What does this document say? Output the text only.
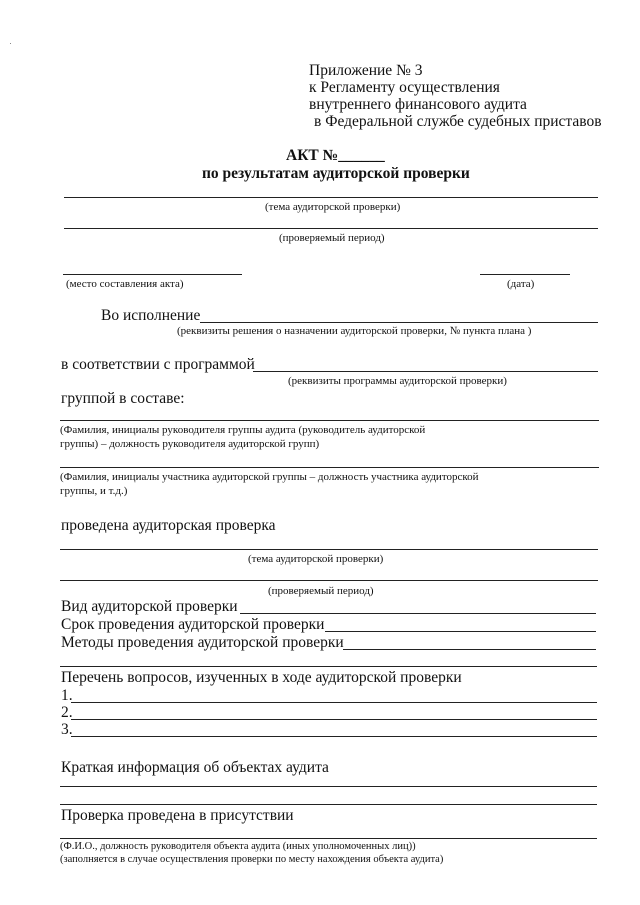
Приложение № 3
к Регламенту осуществления
внутреннего финансового аудита
в Федеральной службе судебных приставов
АКТ №______
по результатам аудиторской проверки
(тема аудиторской проверки)
(проверяемый период)
(место составления акта)	(дата)
Во исполнение
(реквизиты решения о назначении аудиторской проверки, № пункта плана )
в соответствии с программой
(реквизиты программы аудиторской проверки)
группой в составе:
(Фамилия, инициалы руководителя группы аудита (руководитель аудиторской
группы) – должность руководителя аудиторской групп)
(Фамилия, инициалы участника аудиторской группы – должность участника аудиторской
группы, и т.д.)
проведена аудиторская проверка
(тема аудиторской проверки)
(проверяемый период)
Вид аудиторской проверки
Срок проведения аудиторской проверки
Методы проведения аудиторской проверки
Перечень вопросов, изученных в ходе аудиторской проверки
1.
2.
3.
Краткая информация об объектах аудита
Проверка проведена в присутствии
(Ф.И.О., должность руководителя объекта аудита (иных уполномоченных лиц))
(заполняется в случае осуществления проверки по месту нахождения объекта аудита)
